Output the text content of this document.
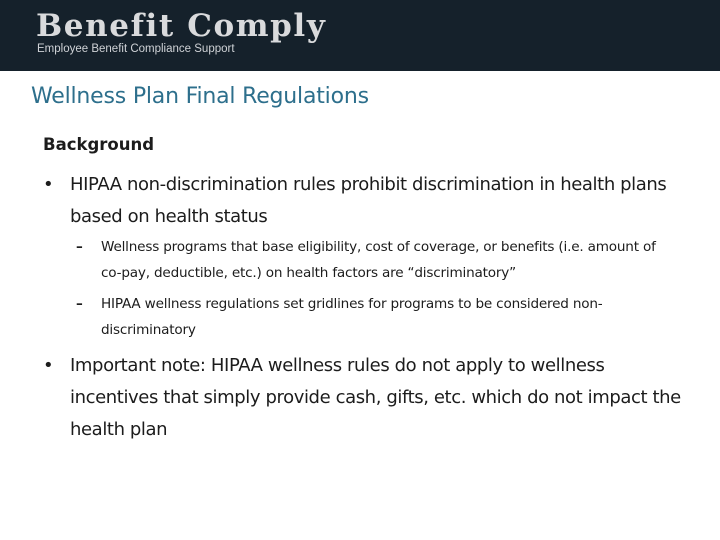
Benefit Comply
Employee Benefit Compliance Support
Wellness Plan Final Regulations
Background
• HIPAA non-discrimination rules prohibit discrimination in health plans based on health status
– Wellness programs that base eligibility, cost of coverage, or benefits (i.e. amount of co-pay, deductible, etc.) on health factors are “discriminatory”
– HIPAA wellness regulations set gridlines for programs to be considered non-discriminatory
• Important note: HIPAA wellness rules do not apply to wellness incentives that simply provide cash, gifts, etc. which do not impact the health plan
